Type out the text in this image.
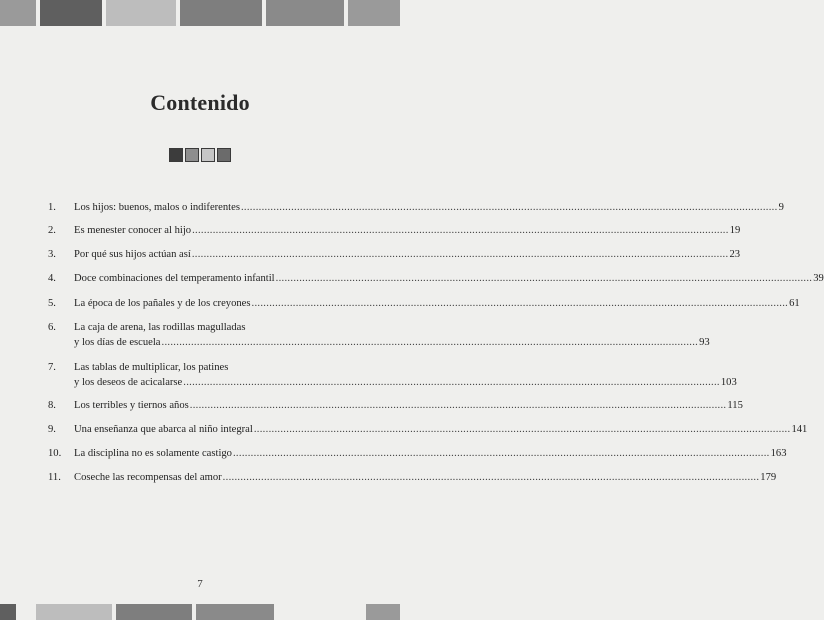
Contenido
1.	Los hijos: buenos, malos o indiferentes .....	9
2.	Es menester conocer al hijo .....	19
3.	Por qué sus hijos actúan así .....	23
4.	Doce combinaciones del temperamento infantil .....	39
5.	La época de los pañales y de los creyones .....	61
6.	La caja de arena, las rodillas magulladas
y los días de escuela .....	93
7.	Las tablas de multiplicar, los patines
y los deseos de acicalarse .....	103
8.	Los terribles y tiernos años .....	115
9.	Una enseñanza que abarca al niño integral .....	141
10.	La disciplina no es solamente castigo .....	163
11.	Coseche las recompensas del amor .....	179
7
